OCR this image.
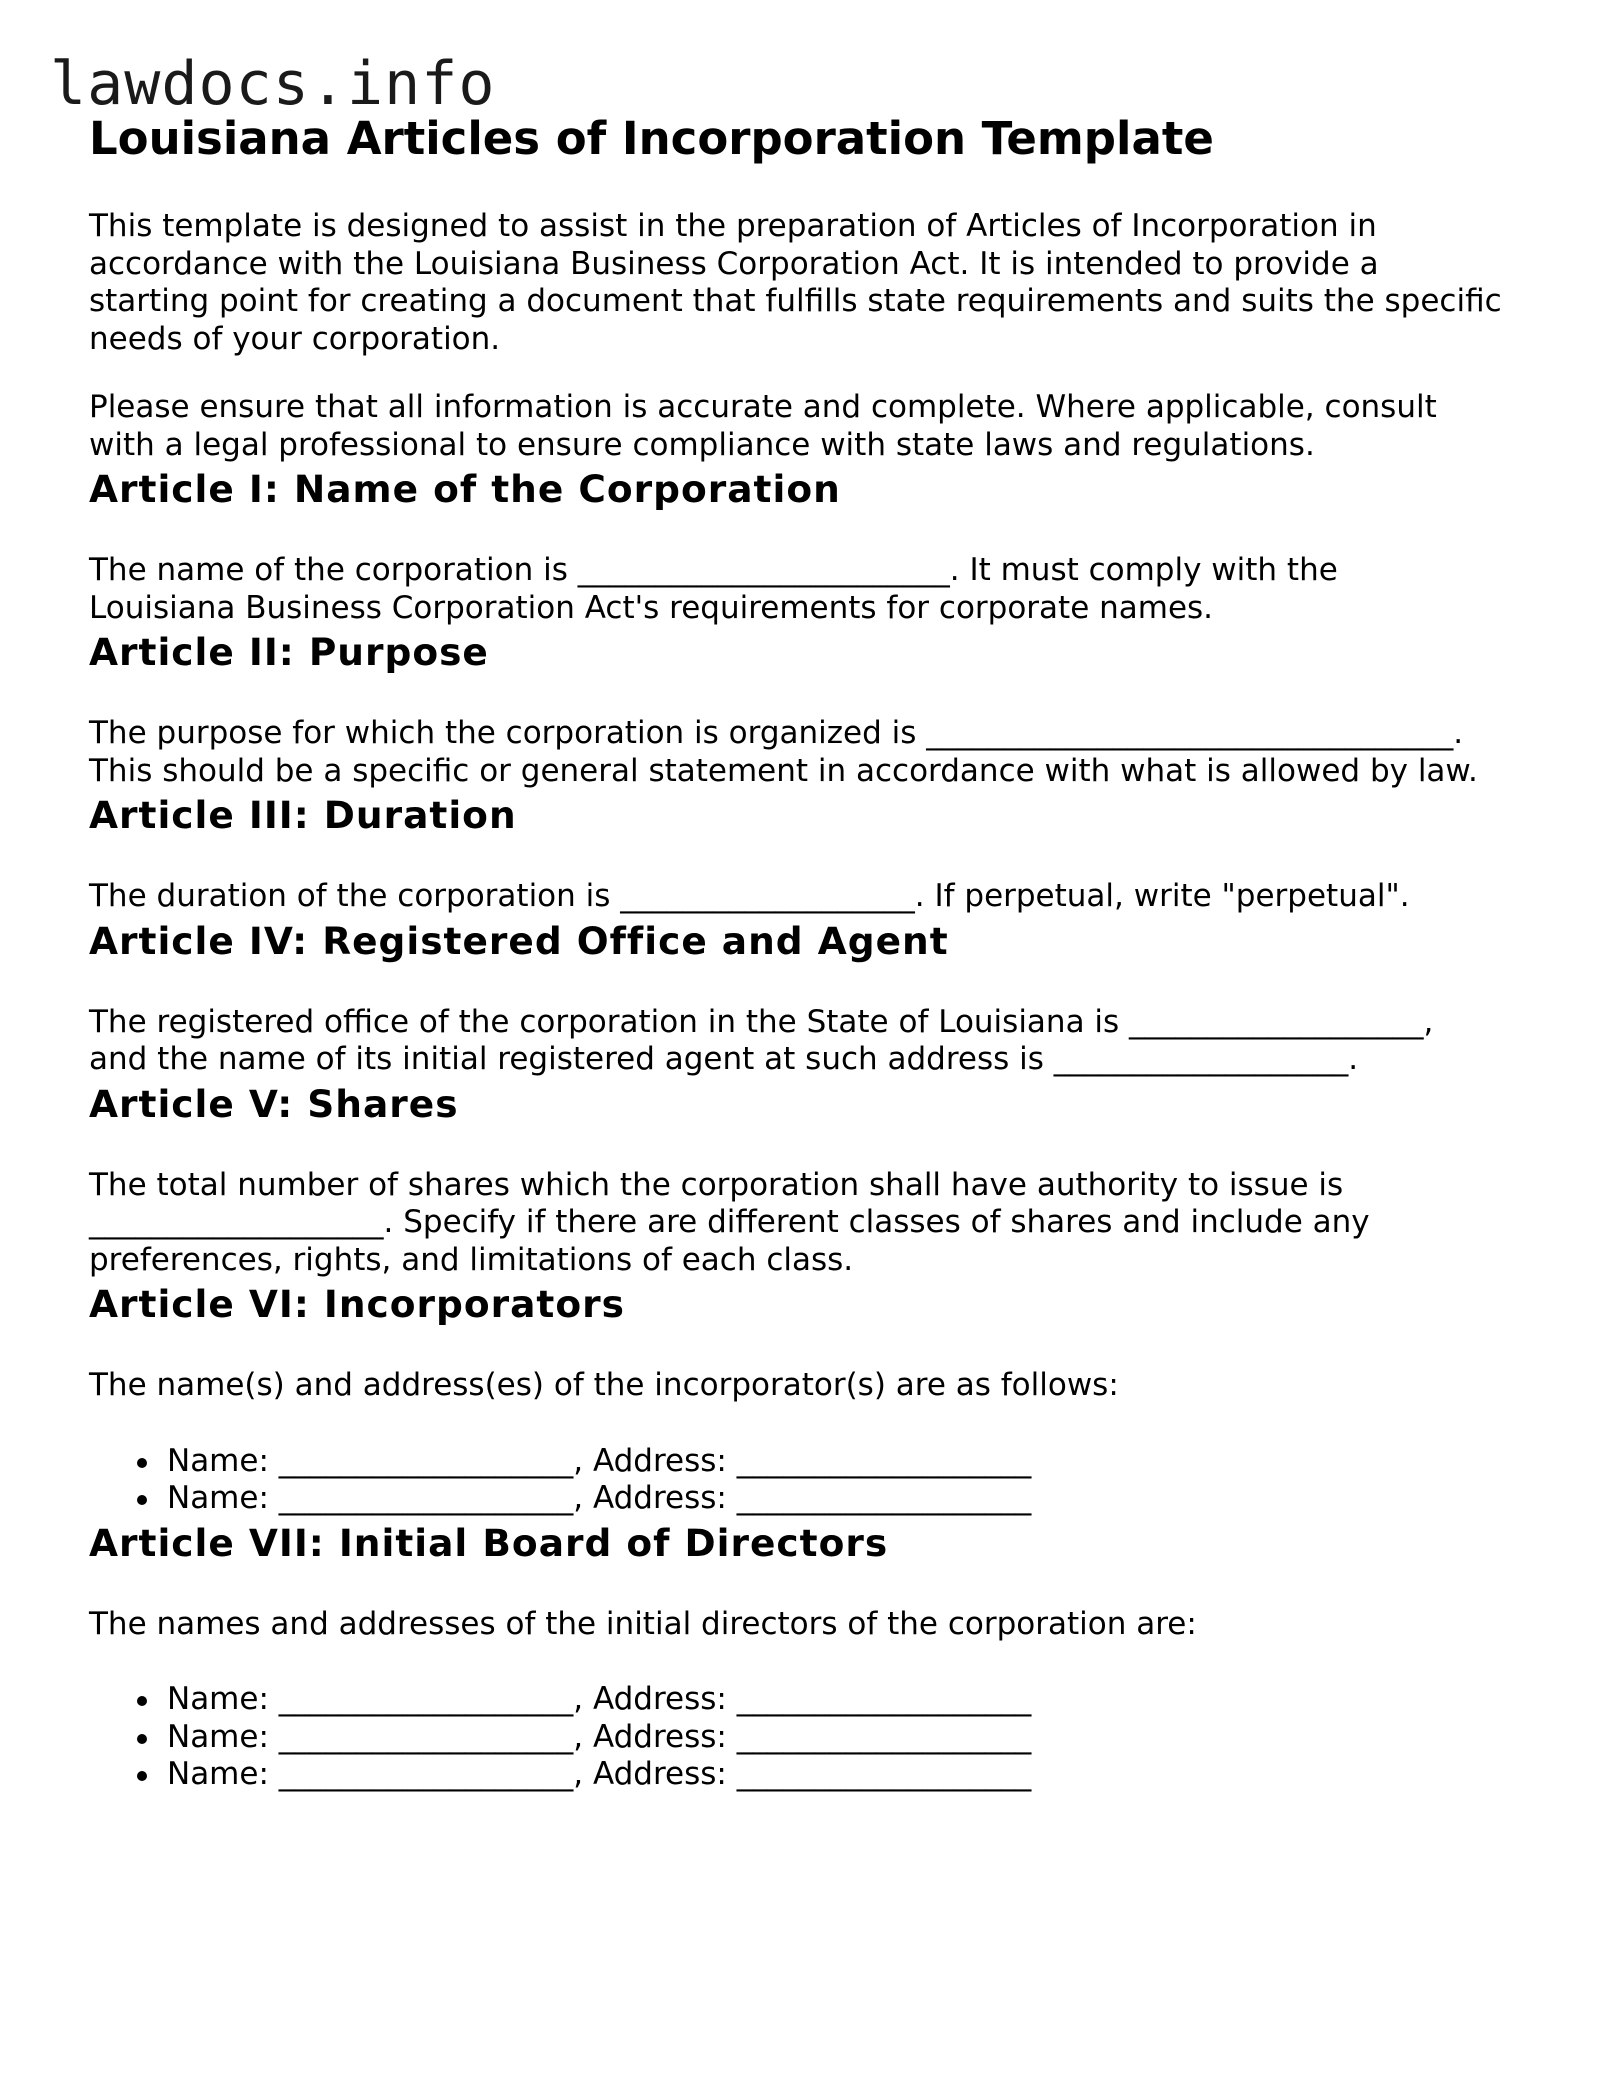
lawdocs.info
Louisiana Articles of Incorporation Template

This template is designed to assist in the preparation of Articles of Incorporation in
accordance with the Louisiana Business Corporation Act. It is intended to provide a
starting point for creating a document that fulfills state requirements and suits the specific
needs of your corporation.

Please ensure that all information is accurate and complete. Where applicable, consult
with a legal professional to ensure compliance with state laws and regulations.

Article I: Name of the Corporation

The name of the corporation is ________________________. It must comply with the
Louisiana Business Corporation Act's requirements for corporate names.

Article II: Purpose

The purpose for which the corporation is organized is __________________________________.
This should be a specific or general statement in accordance with what is allowed by law.

Article III: Duration

The duration of the corporation is ___________________. If perpetual, write "perpetual".

Article IV: Registered Office and Agent

The registered office of the corporation in the State of Louisiana is ___________________,
and the name of its initial registered agent at such address is ___________________.

Article V: Shares

The total number of shares which the corporation shall have authority to issue is
___________________. Specify if there are different classes of shares and include any
preferences, rights, and limitations of each class.

Article VI: Incorporators

The name(s) and address(es) of the incorporator(s) are as follows:

Name: ___________________, Address: ___________________
Name: ___________________, Address: ___________________
Article VII: Initial Board of Directors

The names and addresses of the initial directors of the corporation are:

Name: ___________________, Address: ___________________
Name: ___________________, Address: ___________________
Name: ___________________, Address: ___________________
